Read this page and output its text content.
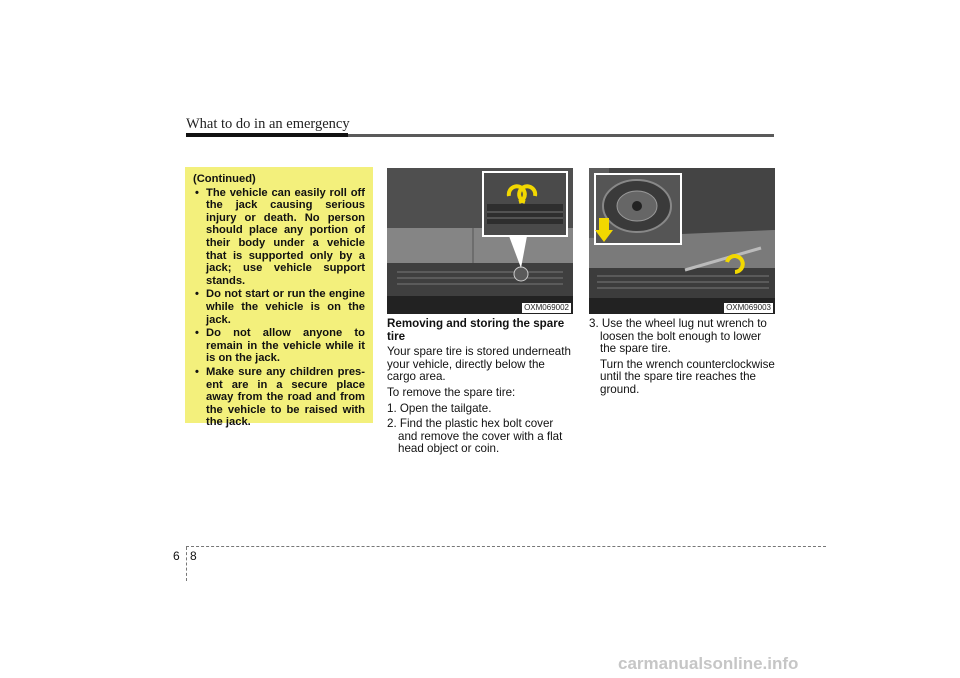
What to do in an emergency
(Continued)
• The vehicle can easily roll off the jack causing serious injury or death. No person should place any portion of their body under a vehicle that is supported only by a jack; use vehicle support stands.
• Do not start or run the engine while the vehicle is on the jack.
• Do not allow anyone to remain in the vehicle while it is on the jack.
• Make sure any children pres-ent are in a secure place away from the road and from the vehicle to be raised with the jack.
OXM069002	OXM069003

Removing and storing the spare tire

Your spare tire is stored underneath your vehicle, directly below the cargo area.

To remove the spare tire:

1. Open the tailgate.

2. Find the plastic hex bolt cover and remove the cover with a flat head object or coin.

3. Use the wheel lug nut wrench to loosen the bolt enough to lower the spare tire.

Turn the wrench counterclockwise until the spare tire reaches the ground.

6 8
carmanualsonline.info
